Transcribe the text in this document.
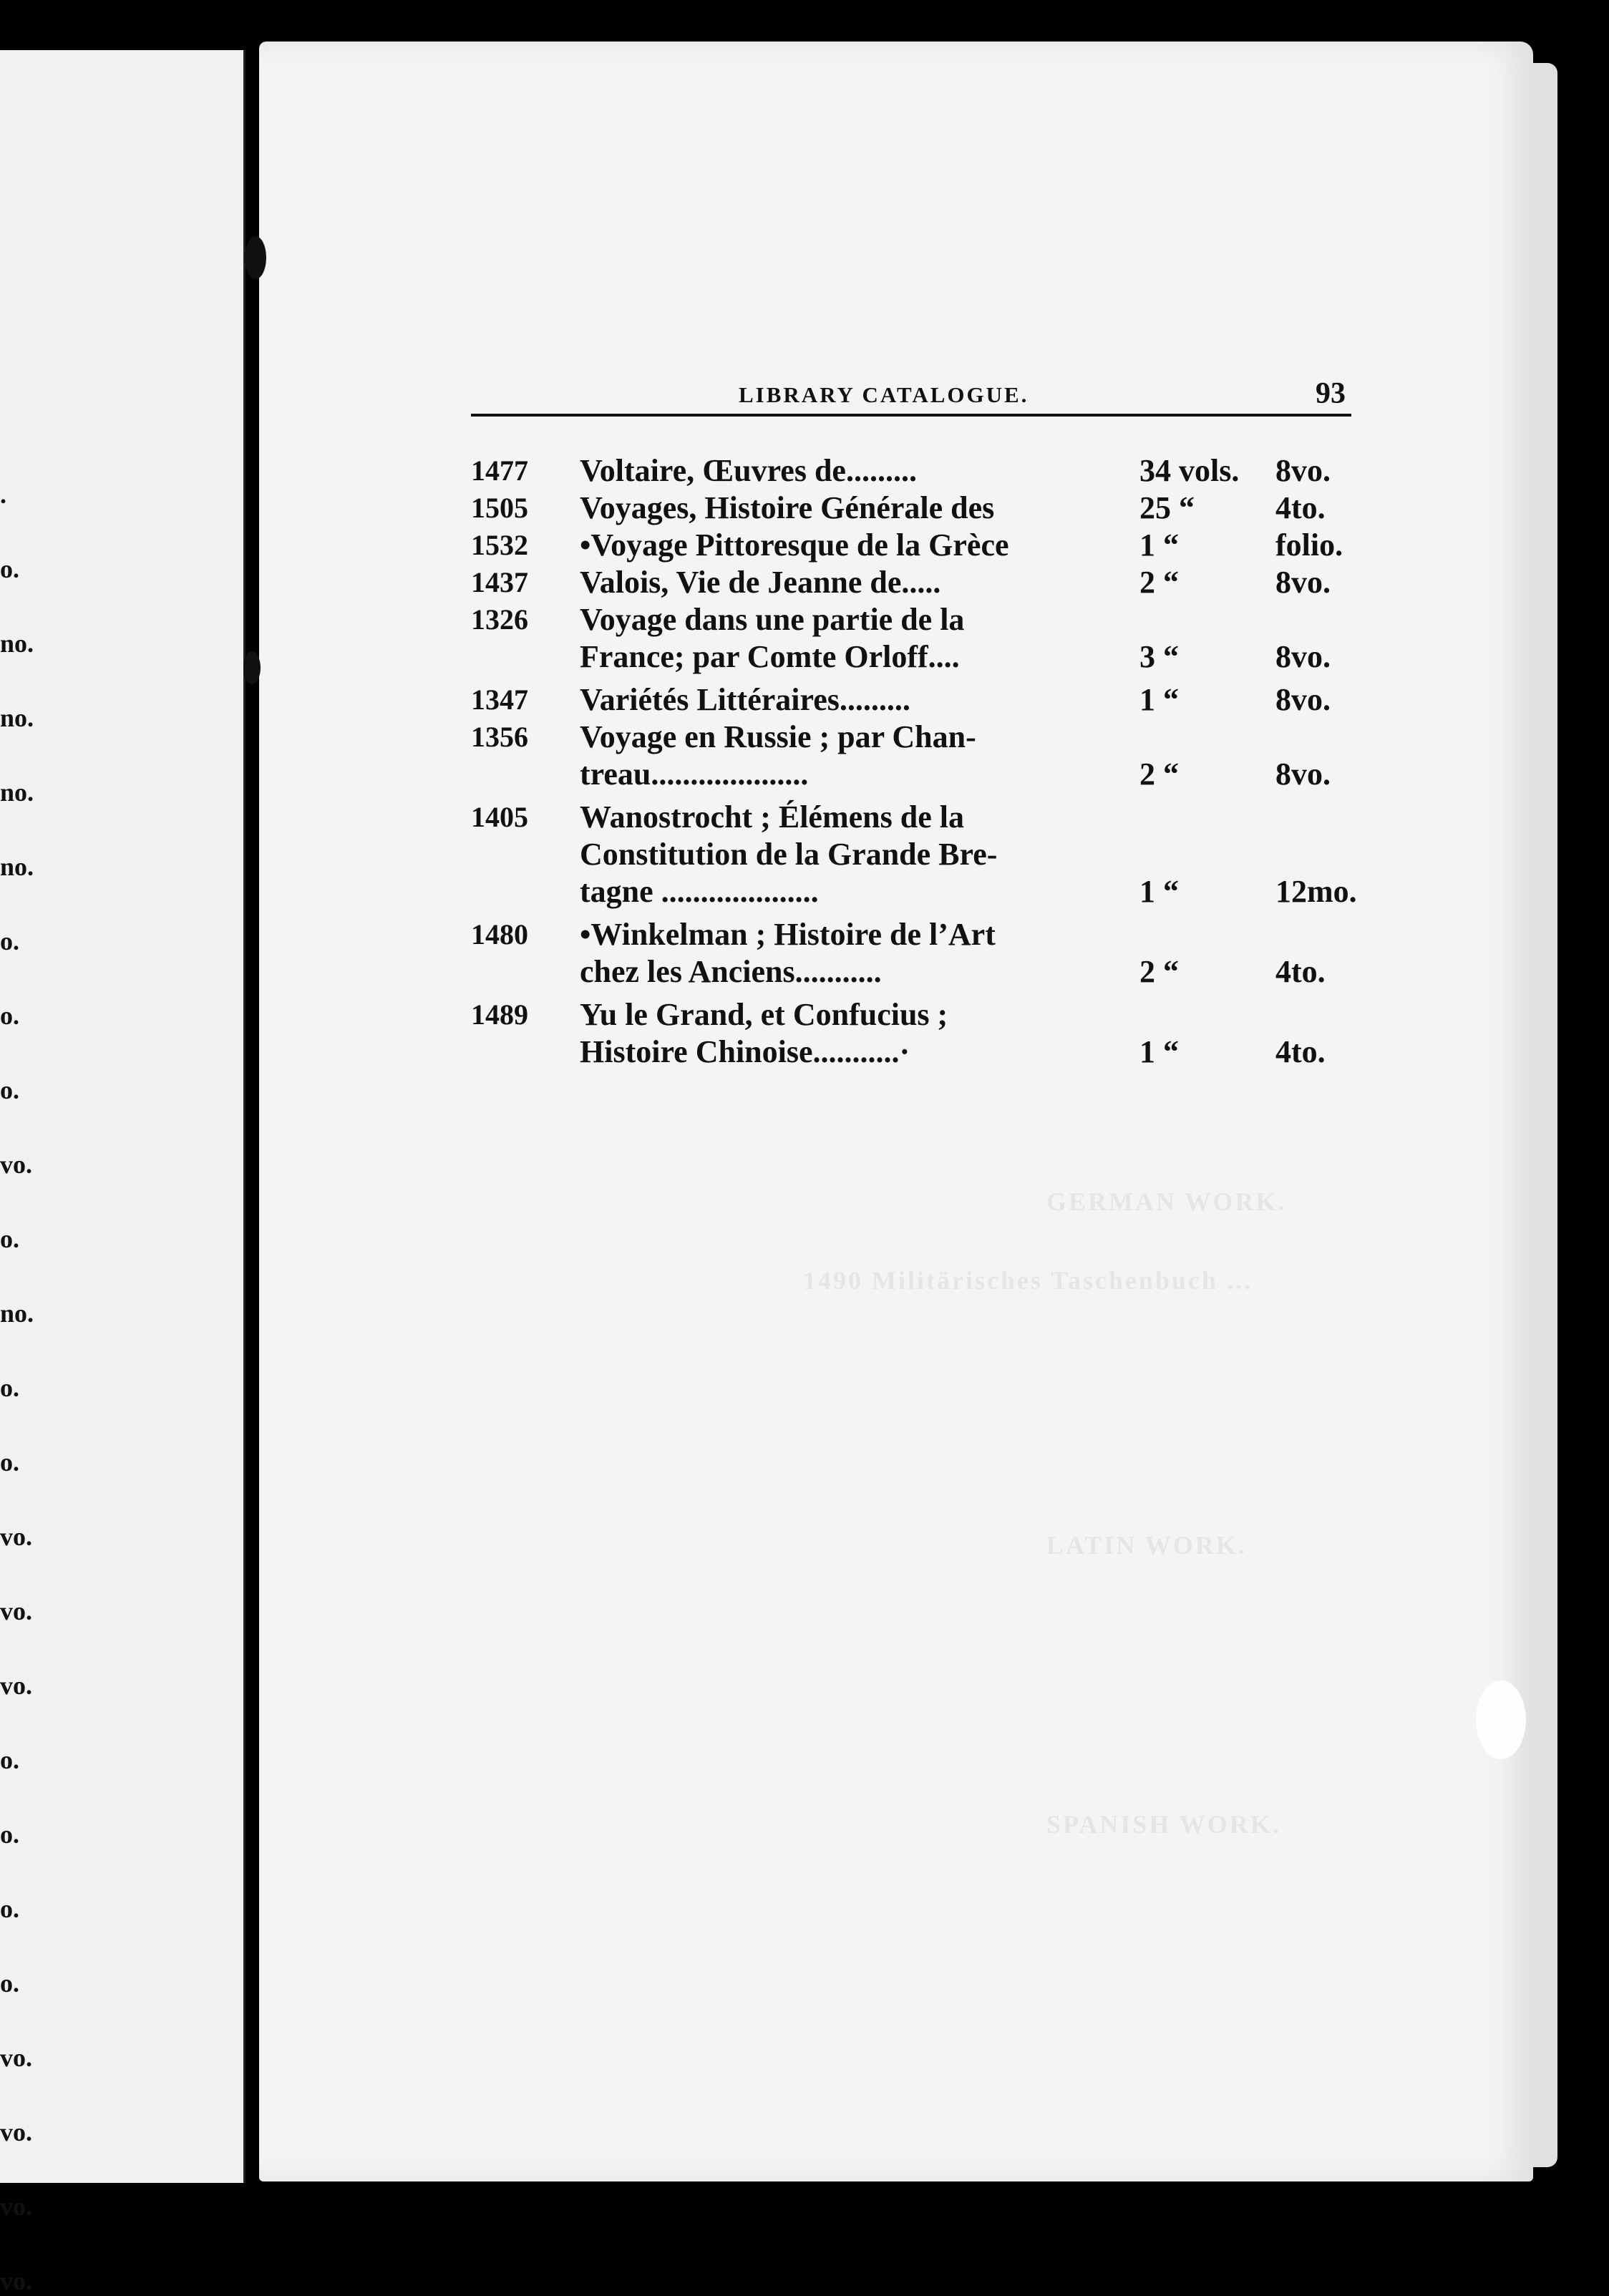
.
o.
no.
no.
no.
no.
o.
o.
o.
vo.
o.
no.
o.
o.
vo.
vo.
vo.
o.
o.
o.
o.
vo.
vo.
vo.
vo.
GERMAN WORK.
1490 Militärisches Taschenbuch ...
LATIN WORK.
SPANISH WORK.
LIBRARY CATALOGUE.	93
1477 Voltaire, Œuvres de.........	34 vols. 8vo.
1505 Voyages, Histoire Générale des	25 “	4to.
1532 •Voyage Pittoresque de la Grèce	1 “	folio.
1437 Valois, Vie de Jeanne de.....	2 “	8vo.
1326 Voyage dans une partie de la
France; par Comte Orloff....	3 “	8vo.
1347 Variétés Littéraires.........	1 “	8vo.
1356 Voyage en Russie ; par Chan-
treau....................	2 “	8vo.
1405 Wanostrocht ; Élémens de la
Constitution de la Grande Bre-
tagne ....................	1 “	12mo.
1480 •Winkelman ; Histoire de l’Art
chez les Anciens...........	2 “	4to.
1489 Yu le Grand, et Confucius ;
Histoire Chinoise...........·	1 “	4to.
